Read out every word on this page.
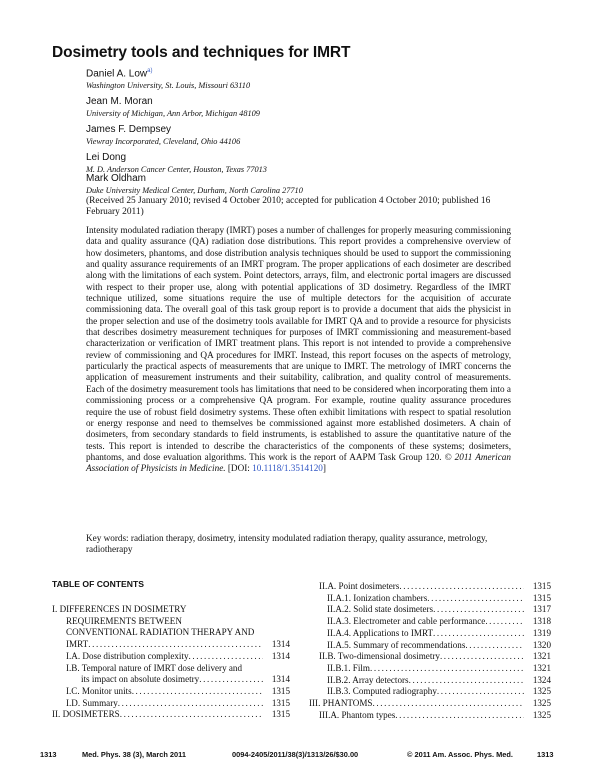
Dosimetry tools and techniques for IMRT
Daniel A. Low$^{a)}$
Washington University, St. Louis, Missouri 63110
Jean M. Moran
University of Michigan, Ann Arbor, Michigan 48109
James F. Dempsey
Viewray Incorporated, Cleveland, Ohio 44106
Lei Dong
M. D. Anderson Cancer Center, Houston, Texas 77013
Mark Oldham
Duke University Medical Center, Durham, North Carolina 27710
(Received 25 January 2010; revised 4 October 2010; accepted for publication 4 October 2010; published 16 February 2011)
Intensity modulated radiation therapy (IMRT) poses a number of challenges for properly measuring commissioning data and quality assurance (QA) radiation dose distributions. This report provides a comprehensive overview of how dosimeters, phantoms, and dose distribution analysis techniques should be used to support the commissioning and quality assurance requirements of an IMRT program. The proper applications of each dosimeter are described along with the limitations of each system. Point detectors, arrays, film, and electronic portal imagers are discussed with respect to their proper use, along with potential applications of 3D dosimetry. Regardless of the IMRT technique utilized, some situations require the use of multiple detectors for the acquisition of accurate commissioning data. The overall goal of this task group report is to provide a document that aids the physicist in the proper selection and use of the dosimetry tools available for IMRT QA and to provide a resource for physicists that describes dosimetry measurement techniques for purposes of IMRT commissioning and measurement-based characterization or verification of IMRT treatment plans. This report is not intended to provide a comprehensive review of commissioning and QA procedures for IMRT. Instead, this report focuses on the aspects of metrology, particularly the practical aspects of measurements that are unique to IMRT. The metrology of IMRT concerns the application of measurement instruments and their suitability, calibration, and quality control of measurements. Each of the dosimetry measurement tools has limitations that need to be considered when incorporating them into a commissioning process or a comprehensive QA program. For example, routine quality assurance procedures require the use of robust field dosimetry systems. These often exhibit limitations with respect to spatial resolution or energy response and need to themselves be commissioned against more established dosimeters. A chain of dosimeters, from secondary standards to field instruments, is established to assure the quantitative nature of the tests. This report is intended to describe the characteristics of the components of these systems; dosimeters, phantoms, and dose evaluation algorithms. This work is the report of AAPM Task Group 120. © 2011 American Association of Physicists in Medicine. [DOI: 10.1118/1.3514120]
Key words: radiation therapy, dosimetry, intensity modulated radiation therapy, quality assurance, metrology, radiotherapy
TABLE OF CONTENTS
I. DIFFERENCES IN DOSIMETRY
REQUIREMENTS BETWEEN
CONVENTIONAL RADIATION THERAPY AND
IMRT .....	1314
I.A. Dose distribution complexity .....	1314
I.B. Temporal nature of IMRT dose delivery and
its impact on absolute dosimetry .....	1314
I.C. Monitor units .....	1315
I.D. Summary .....	1315
II. DOSIMETERS .....	1315
II.A. Point dosimeters .....	1315
II.A.1. Ionization chambers .....	1315
II.A.2. Solid state dosimeters .....	1317
II.A.3. Electrometer and cable performance .....	1318
II.A.4. Applications to IMRT .....	1319
II.A.5. Summary of recommendations .....	1320
II.B. Two-dimensional dosimetry .....	1321
II.B.1. Film .....	1321
II.B.2. Array detectors .....	1324
II.B.3. Computed radiography .....	1325
III. PHANTOMS .....	1325
III.A. Phantom types .....	1325
1313	Med. Phys. 38 (3), March 2011	0094-2405/2011/38(3)/1313/26/$30.00	© 2011 Am. Assoc. Phys. Med.	1313
